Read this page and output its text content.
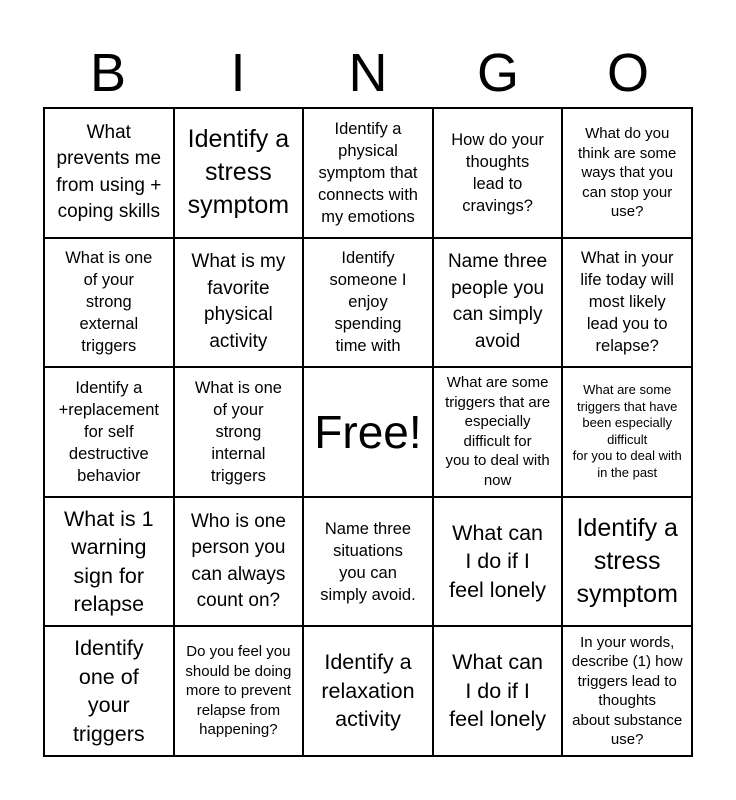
B	I	N	G	O
What
prevents me
from using +
coping skills
Identify a
stress
symptom
Identify a
physical
symptom that
connects with
my emotions
How do your
thoughts
lead to
cravings?
What do you
think are some
ways that you
can stop your
use?
What is one
of your
strong
external
triggers
What is my
favorite
physical
activity
Identify
someone I
enjoy
spending
time with
Name three
people you
can simply
avoid
What in your
life today will
most likely
lead you to
relapse?
Identify a
+replacement
for self
destructive
behavior
What is one
of your
strong
internal
triggers
Free!
What are some
triggers that are
especially
difficult for
you to deal with
now
What are some
triggers that have
been especially
difficult
for you to deal with
in the past
What is 1
warning
sign for
relapse
Who is one
person you
can always
count on?
Name three
situations
you can
simply avoid.
What can
I do if I
feel lonely
Identify a
stress
symptom
Identify
one of
your
triggers
Do you feel you
should be doing
more to prevent
relapse from
happening?
Identify a
relaxation
activity
What can
I do if I
feel lonely
In your words,
describe (1) how
triggers lead to
thoughts
about substance
use?
